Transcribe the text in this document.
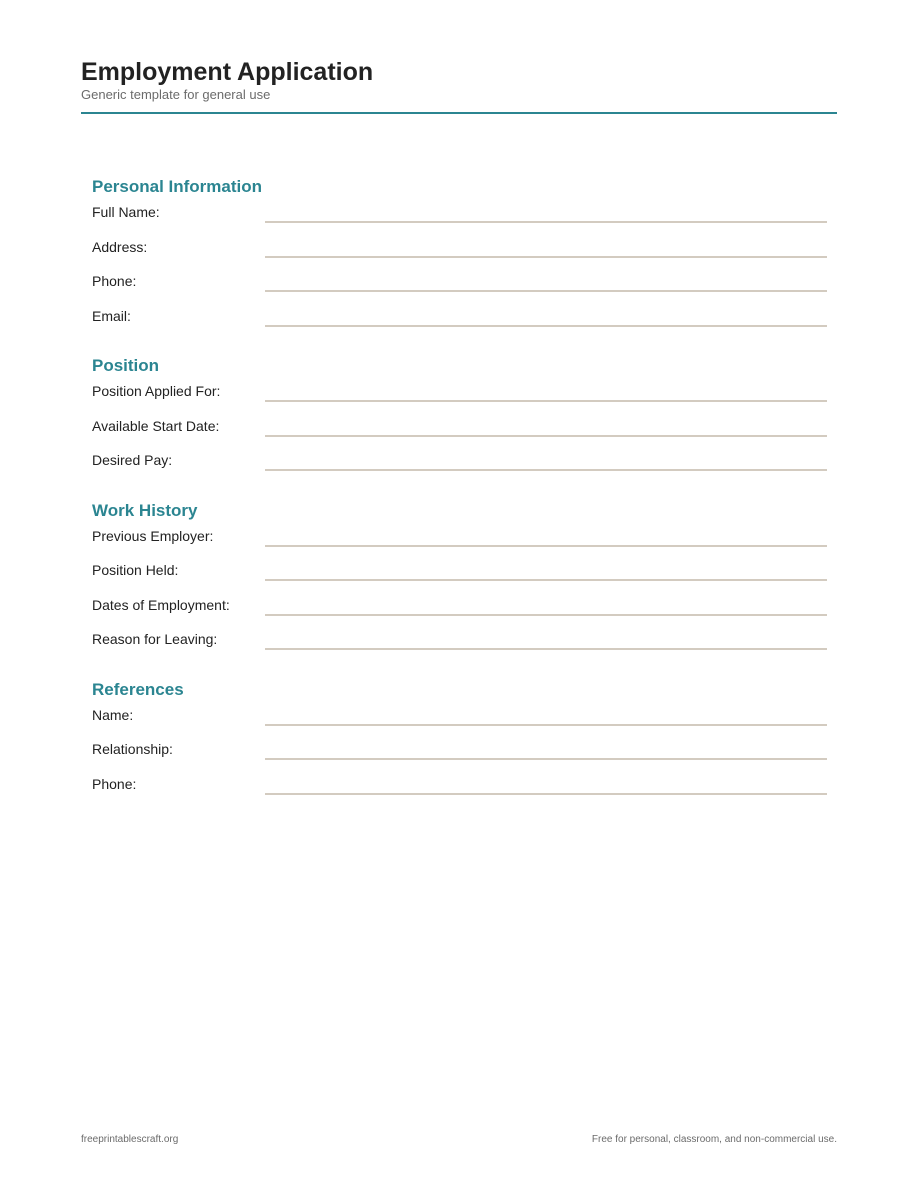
Employment Application

Generic template for general use

Personal Information
Full Name:
Address:
Phone:
Email:
Position
Position Applied For:
Available Start Date:
Desired Pay:
Work History
Previous Employer:
Position Held:
Dates of Employment:
Reason for Leaving:
References
Name:
Relationship:
Phone:
freeprintablescraft.org	Free for personal, classroom, and non-commercial use.
